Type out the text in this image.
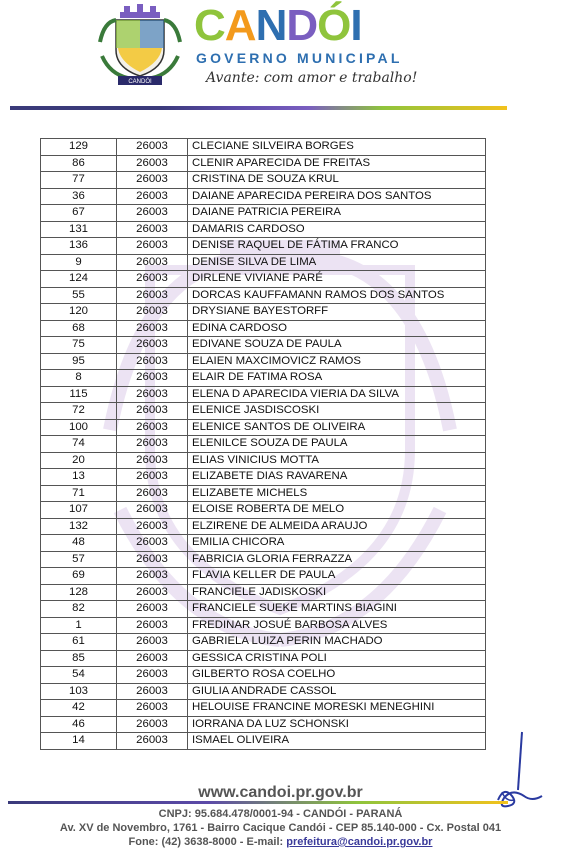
CANDÓI
CANDÓI
GOVERNO MUNICIPAL
Avante: com amor e trabalho!
129	26003	CLECIANE SILVEIRA BORGES
86	26003	CLENIR APARECIDA DE FREITAS
77	26003	CRISTINA DE SOUZA KRUL
36	26003	DAIANE APARECIDA PEREIRA DOS SANTOS
67	26003	DAIANE PATRICIA PEREIRA
131	26003	DAMARIS CARDOSO
136	26003	DENISE RAQUEL DE FÁTIMA FRANCO
9	26003	DENISE SILVA DE LIMA
124	26003	DIRLENE VIVIANE PARÉ
55	26003	DORCAS KAUFFAMANN RAMOS DOS SANTOS
120	26003	DRYSIANE BAYESTORFF
68	26003	EDINA CARDOSO
75	26003	EDIVANE SOUZA DE PAULA
95	26003	ELAIEN MAXCIMOVICZ RAMOS
8	26003	ELAIR DE FATIMA ROSA
115	26003	ELENA D APARECIDA VIERIA DA SILVA
72	26003	ELENICE JASDISCOSKI
100	26003	ELENICE SANTOS DE OLIVEIRA
74	26003	ELENILCE SOUZA DE PAULA
20	26003	ELIAS VINICIUS MOTTA
13	26003	ELIZABETE DIAS RAVARENA
71	26003	ELIZABETE MICHELS
107	26003	ELOISE ROBERTA DE MELO
132	26003	ELZIRENE DE ALMEIDA ARAUJO
48	26003	EMILIA CHICORA
57	26003	FABRICIA GLORIA FERRAZZA
69	26003	FLAVIA KELLER DE PAULA
128	26003	FRANCIELE JADISKOSKI
82	26003	FRANCIELE SUEKE MARTINS BIAGINI
1	26003	FREDINAR JOSUÉ BARBOSA ALVES
61	26003	GABRIELA LUIZA PERIN MACHADO
85	26003	GESSICA CRISTINA POLI
54	26003	GILBERTO ROSA COELHO
103	26003	GIULIA ANDRADE CASSOL
42	26003	HELOUISE FRANCINE MORESKI MENEGHINI
46	26003	IORRANA DA LUZ SCHONSKI
14	26003	ISMAEL OLIVEIRA
www.candoi.pr.gov.br
CNPJ: 95.684.478/0001-94 - CANDÓI - PARANÁ
Av. XV de Novembro, 1761 - Bairro Cacique Candói - CEP 85.140-000 - Cx. Postal 041
Fone: (42) 3638-8000 - E-mail: prefeitura@candoi.pr.gov.br
